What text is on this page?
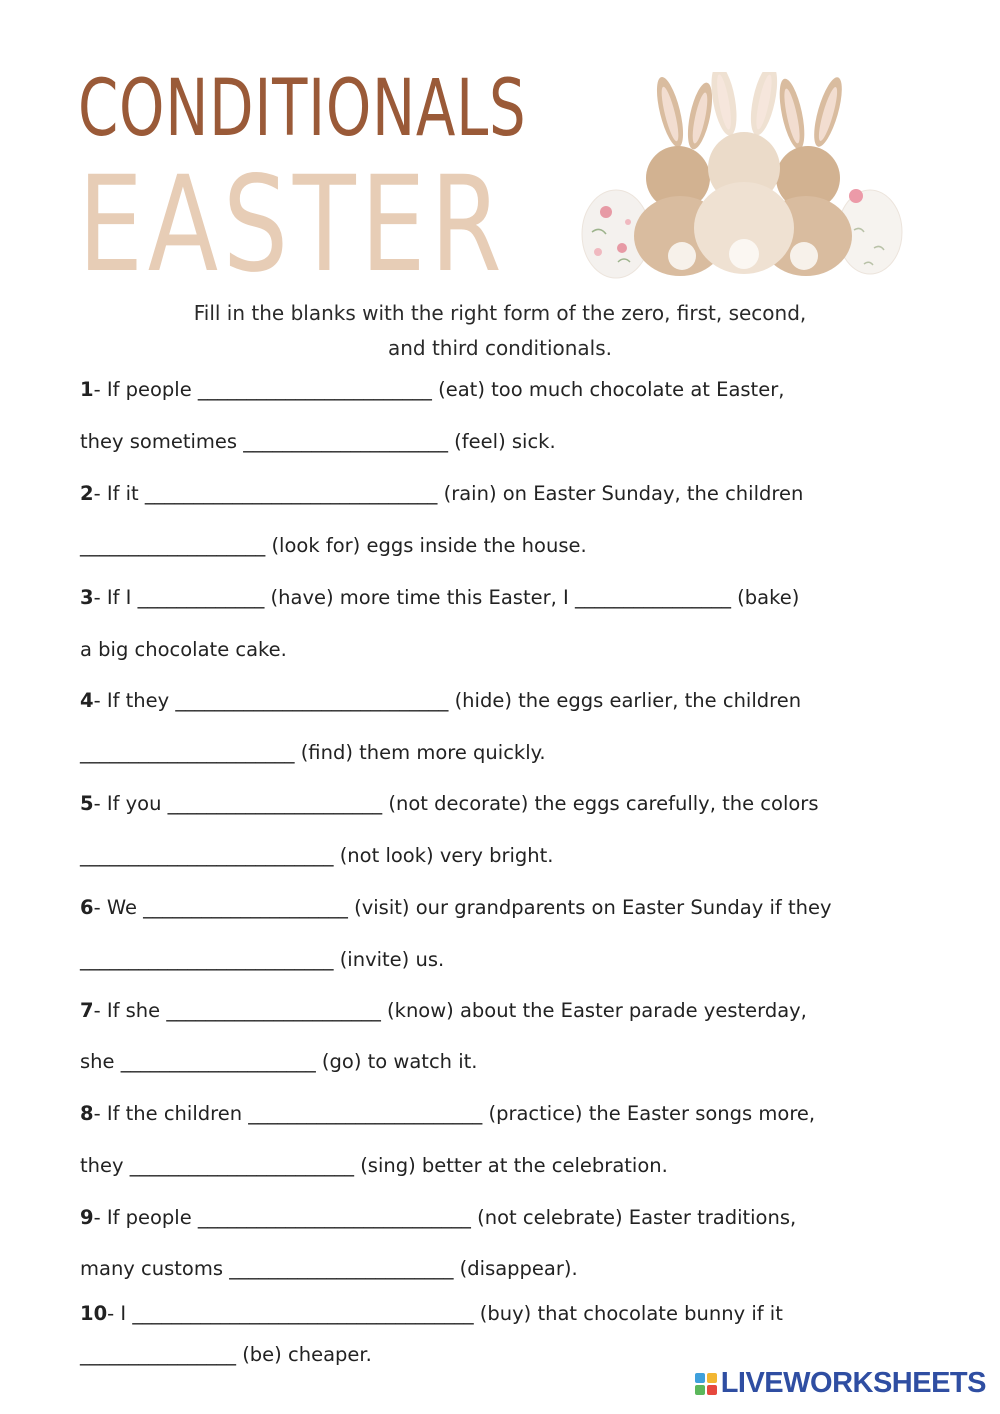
CONDITIONALS
EASTER
Fill in the blanks with the right form of the zero, first, second,
and third conditionals.

1- If people ________________________ (eat) too much chocolate at Easter,

they sometimes _____________________ (feel) sick.

2- If it ______________________________ (rain) on Easter Sunday, the children

___________________ (look for) eggs inside the house.

3- If I _____________ (have) more time this Easter, I ________________ (bake)

a big chocolate cake.

4- If they ____________________________ (hide) the eggs earlier, the children

______________________ (find) them more quickly.

5- If you ______________________ (not decorate) the eggs carefully, the colors

__________________________ (not look) very bright.

6- We _____________________ (visit) our grandparents on Easter Sunday if they

__________________________ (invite) us.

7- If she ______________________ (know) about the Easter parade yesterday,

she ____________________ (go) to watch it.

8- If the children ________________________ (practice) the Easter songs more,

they _______________________ (sing) better at the celebration.

9- If people ____________________________ (not celebrate) Easter traditions,

many customs _______________________ (disappear).

10- I ___________________________________ (buy) that chocolate bunny if it

________________ (be) cheaper.

LIVEWORKSHEETS
